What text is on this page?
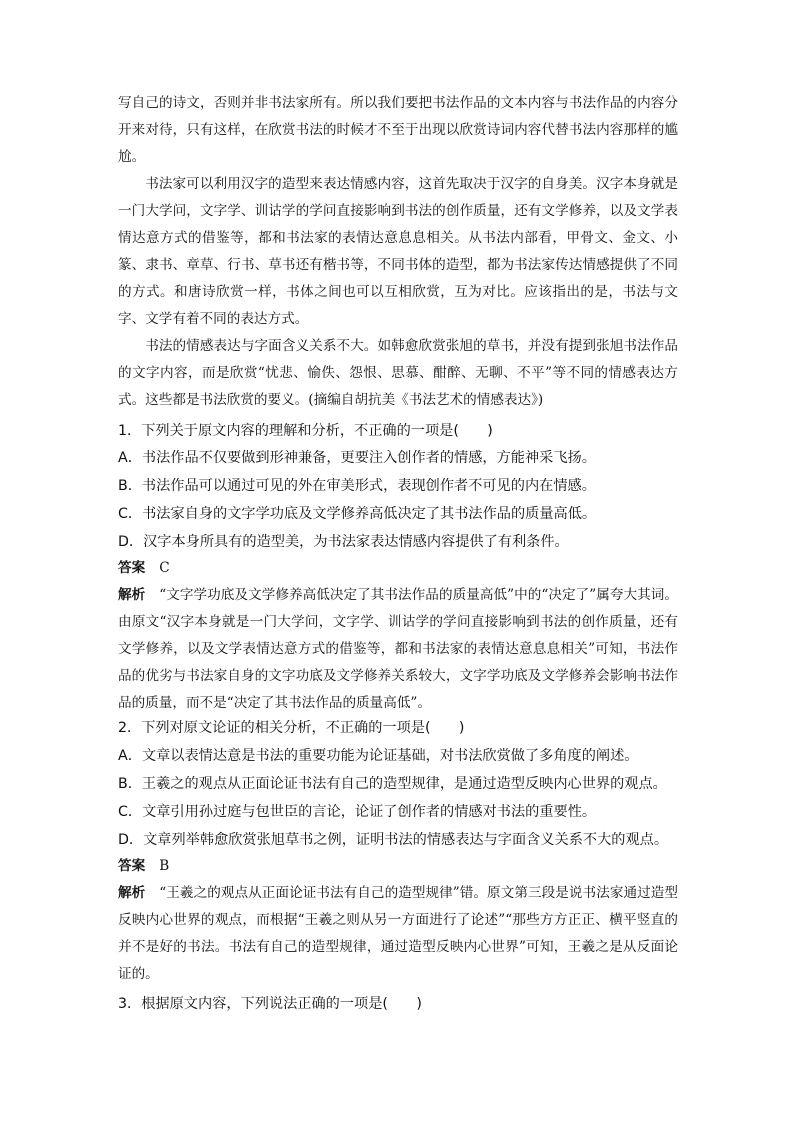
写自己的诗文，否则并非书法家所有。所以我们要把书法作品的文本内容与书法作品的内容分开来对待，只有这样，在欣赏书法的时候才不至于出现以欣赏诗词内容代替书法内容那样的尴尬。

书法家可以利用汉字的造型来表达情感内容，这首先取决于汉字的自身美。汉字本身就是一门大学问，文字学、训诂学的学问直接影响到书法的创作质量，还有文学修养，以及文学表情达意方式的借鉴等，都和书法家的表情达意息息相关。从书法内部看，甲骨文、金文、小篆、隶书、章草、行书、草书还有楷书等，不同书体的造型，都为书法家传达情感提供了不同的方式。和唐诗欣赏一样，书体之间也可以互相欣赏，互为对比。应该指出的是，书法与文字、文学有着不同的表达方式。

书法的情感表达与字面含义关系不大。如韩愈欣赏张旭的草书，并没有提到张旭书法作品的文字内容，而是欣赏“忧悲、愉佚、怨恨、思慕、酣醉、无聊、不平”等不同的情感表达方式。这些都是书法欣赏的要义。(摘编自胡抗美《书法艺术的情感表达》)

1．下列关于原文内容的理解和分析，不正确的一项是(　　)

A．书法作品不仅要做到形神兼备，更要注入创作者的情感，方能神采飞扬。

B．书法作品可以通过可见的外在审美形式，表现创作者不可见的内在情感。

C．书法家自身的文字学功底及文学修养高低决定了其书法作品的质量高低。

D．汉字本身所具有的造型美，为书法家表达情感内容提供了有利条件。

答案 C

解析 “文字学功底及文学修养高低决定了其书法作品的质量高低”中的“决定了”属夸大其词。由原文“汉字本身就是一门大学问，文字学、训诂学的学问直接影响到书法的创作质量，还有文学修养，以及文学表情达意方式的借鉴等，都和书法家的表情达意息息相关”可知，书法作品的优劣与书法家自身的文字功底及文学修养关系较大，文字学功底及文学修养会影响书法作品的质量，而不是“决定了其书法作品的质量高低”。

2．下列对原文论证的相关分析，不正确的一项是(　　)

A．文章以表情达意是书法的重要功能为论证基础，对书法欣赏做了多角度的阐述。

B．王羲之的观点从正面论证书法有自己的造型规律，是通过造型反映内心世界的观点。

C．文章引用孙过庭与包世臣的言论，论证了创作者的情感对书法的重要性。

D．文章列举韩愈欣赏张旭草书之例，证明书法的情感表达与字面含义关系不大的观点。

答案 B

解析 “王羲之的观点从正面论证书法有自己的造型规律”错。原文第三段是说书法家通过造型反映内心世界的观点，而根据“王羲之则从另一方面进行了论述”“那些方方正正、横平竖直的并不是好的书法。书法有自己的造型规律，通过造型反映内心世界”可知，王羲之是从反面论证的。

3．根据原文内容，下列说法正确的一项是(　　)
